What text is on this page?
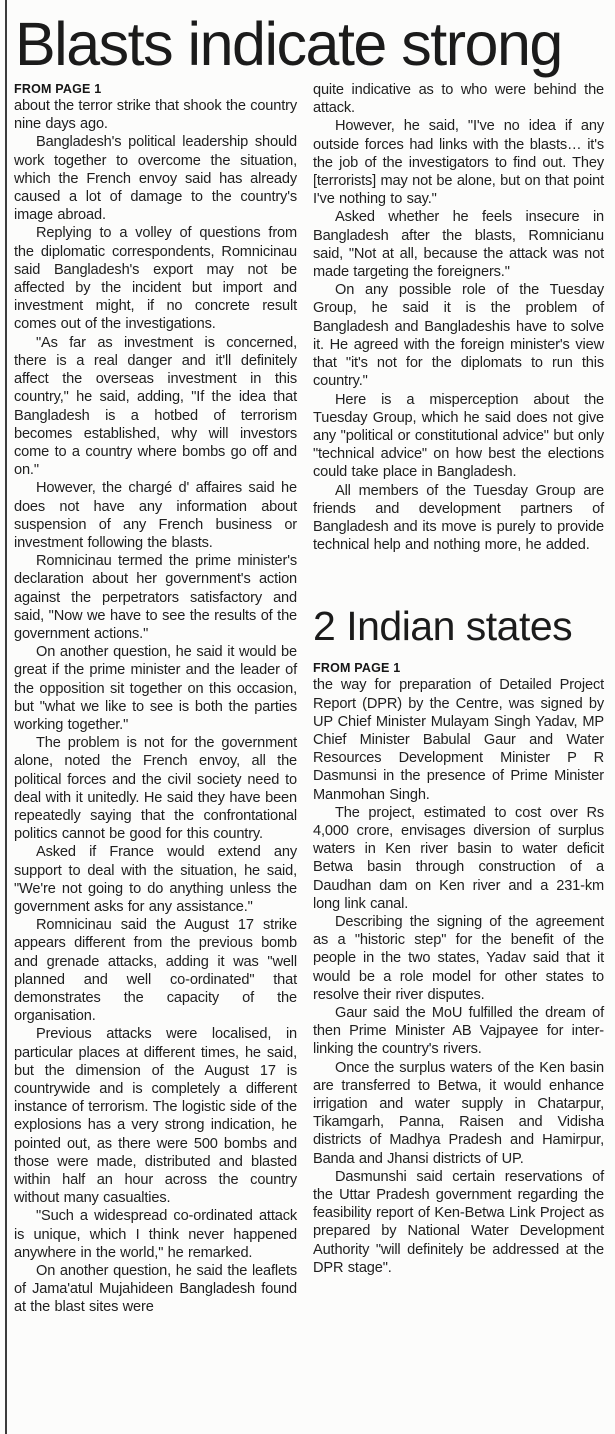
Blasts indicate strong
FROM PAGE 1

about the terror strike that shook the country nine days ago.

Bangladesh's political leadership should work together to overcome the situation, which the French envoy said has already caused a lot of damage to the country's image abroad.

Replying to a volley of questions from the diplomatic correspondents, Romnicinau said Bangladesh's export may not be affected by the incident but import and investment might, if no concrete result comes out of the investigations.

"As far as investment is concerned, there is a real danger and it'll definitely affect the overseas investment in this country," he said, adding, "If the idea that Bangladesh is a hotbed of terrorism becomes established, why will investors come to a country where bombs go off and on."

However, the chargé d' affaires said he does not have any information about suspension of any French business or investment following the blasts.

Romnicinau termed the prime minister's declaration about her government's action against the perpetrators satisfactory and said, "Now we have to see the results of the government actions."

On another question, he said it would be great if the prime minister and the leader of the opposition sit together on this occasion, but "what we like to see is both the parties working together."

The problem is not for the government alone, noted the French envoy, all the political forces and the civil society need to deal with it unitedly. He said they have been repeatedly saying that the confrontational politics cannot be good for this country.

Asked if France would extend any support to deal with the situation, he said, "We're not going to do anything unless the government asks for any assistance."

Romnicinau said the August 17 strike appears different from the previous bomb and grenade attacks, adding it was "well planned and well co-ordinated" that demonstrates the capacity of the organisation.

Previous attacks were localised, in particular places at different times, he said, but the dimension of the August 17 is countrywide and is completely a different instance of terrorism. The logistic side of the explosions has a very strong indication, he pointed out, as there were 500 bombs and those were made, distributed and blasted within half an hour across the country without many casualties.

"Such a widespread co-ordinated attack is unique, which I think never happened anywhere in the world," he remarked.

On another question, he said the leaflets of Jama'atul Mujahideen Bangladesh found at the blast sites were

quite indicative as to who were behind the attack.

However, he said, "I've no idea if any outside forces had links with the blasts… it's the job of the investigators to find out. They [terrorists] may not be alone, but on that point I've nothing to say."

Asked whether he feels insecure in Bangladesh after the blasts, Romnicianu said, "Not at all, because the attack was not made targeting the foreigners."

On any possible role of the Tuesday Group, he said it is the problem of Bangladesh and Bangladeshis have to solve it. He agreed with the foreign minister's view that "it's not for the diplomats to run this country."

Here is a misperception about the Tuesday Group, which he said does not give any "political or constitutional advice" but only "technical advice" on how best the elections could take place in Bangladesh.

All members of the Tuesday Group are friends and development partners of Bangladesh and its move is purely to provide technical help and nothing more, he added.

2 Indian states
FROM PAGE 1

the way for preparation of Detailed Project Report (DPR) by the Centre, was signed by UP Chief Minister Mulayam Singh Yadav, MP Chief Minister Babulal Gaur and Water Resources Development Minister P R Dasmunsi in the presence of Prime Minister Manmohan Singh.

The project, estimated to cost over Rs 4,000 crore, envisages diversion of surplus waters in Ken river basin to water deficit Betwa basin through construction of a Daudhan dam on Ken river and a 231-km long link canal.

Describing the signing of the agreement as a "historic step" for the benefit of the people in the two states, Yadav said that it would be a role model for other states to resolve their river disputes.

Gaur said the MoU fulfilled the dream of then Prime Minister AB Vajpayee for inter-linking the country's rivers.

Once the surplus waters of the Ken basin are transferred to Betwa, it would enhance irrigation and water supply in Chatarpur, Tikamgarh, Panna, Raisen and Vidisha districts of Madhya Pradesh and Hamirpur, Banda and Jhansi districts of UP.

Dasmunshi said certain reservations of the Uttar Pradesh government regarding the feasibility report of Ken-Betwa Link Project as prepared by National Water Development Authority "will definitely be addressed at the DPR stage".
